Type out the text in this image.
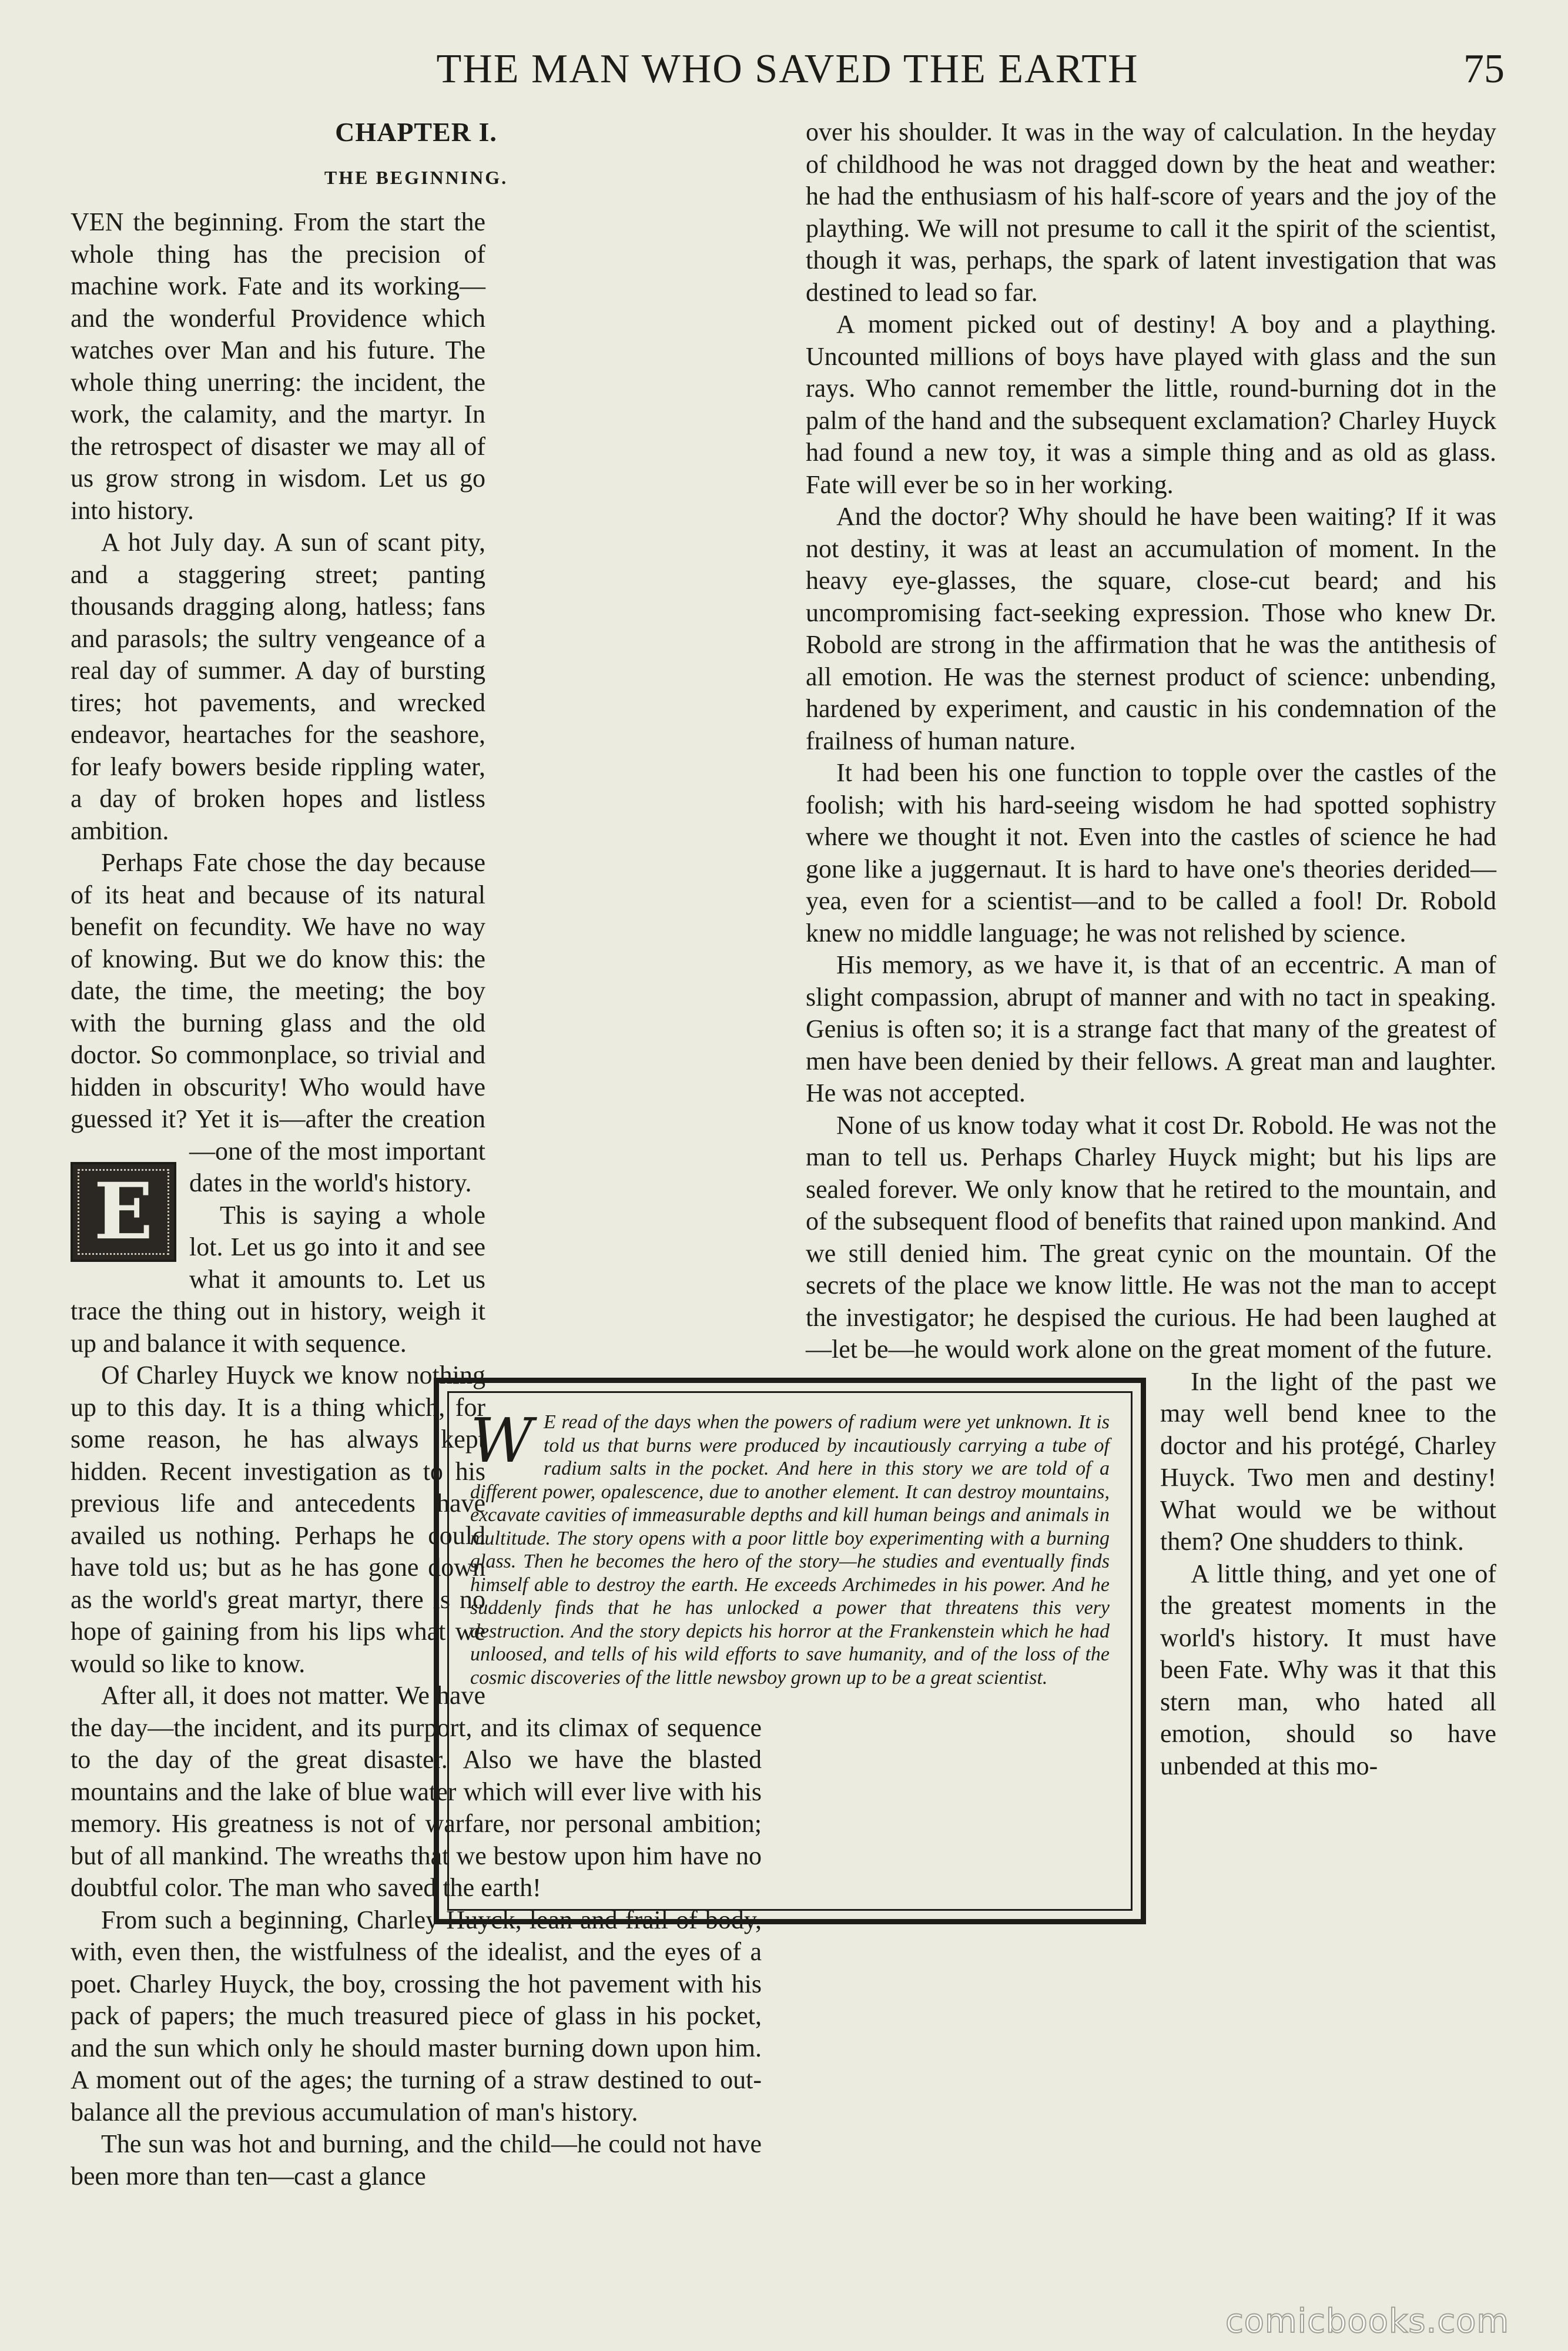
THE MAN WHO SAVED THE EARTH	75
CHAPTER I.
THE BEGINNING.
E

VEN the beginning. From the start the whole thing has the precision of machine work. Fate and its working—and the wonderful Providence which watches over Man and his future. The whole thing unerring: the incident, the work, the calamity, and the martyr. In the retrospect of disaster we may all of us grow strong in wisdom. Let us go into history.

A hot July day. A sun of scant pity, and a staggering street; panting thousands dragging along, hatless; fans and parasols; the sultry vengeance of a real day of summer. A day of bursting tires; hot pavements, and wrecked endeavor, heartaches for the seashore, for leafy bowers beside rippling water, a day of broken hopes and listless ambition.

Perhaps Fate chose the day because of its heat and because of its natural benefit on fecundity. We have no way of knowing. But we do know this: the date, the time, the meeting; the boy with the burning glass and the old doctor. So commonplace, so trivial and hidden in obscurity! Who would have guessed it? Yet it is—after the creation—one of the most important dates in the world's history.

This is saying a whole lot. Let us go into it and see what it amounts to. Let us trace the thing out in history, weigh it up and balance it with sequence.

Of Charley Huyck we know nothing up to this day. It is a thing which, for some reason, he has always kept hidden. Recent investigation as to his previous life and antecedents have availed us nothing. Perhaps he could have told us; but as he has gone down as the world's great martyr, there is no hope of gaining from his lips what we would so like to know.

After all, it does not matter. We have the day—the incident, and its purport, and its climax of sequence to the day of the great disaster. Also we have the blasted mountains and the lake of blue water which will ever live with his memory. His greatness is not of warfare, nor personal ambition; but of all mankind. The wreaths that we bestow upon him have no doubtful color. The man who saved the earth!

From such a beginning, Charley Huyck, lean and frail of body, with, even then, the wistfulness of the idealist, and the eyes of a poet. Charley Huyck, the boy, crossing the hot pavement with his pack of papers; the much treasured piece of glass in his pocket, and the sun which only he should master burning down upon him. A moment out of the ages; the turning of a straw destined to out-balance all the previous accumulation of man's history.

The sun was hot and burning, and the child—he could not have been more than ten—cast a glance

over his shoulder. It was in the way of calculation. In the heyday of childhood he was not dragged down by the heat and weather: he had the enthusiasm of his half-score of years and the joy of the plaything. We will not presume to call it the spirit of the scientist, though it was, perhaps, the spark of latent investigation that was destined to lead so far.

A moment picked out of destiny! A boy and a plaything. Uncounted millions of boys have played with glass and the sun rays. Who cannot remember the little, round-burning dot in the palm of the hand and the subsequent exclamation? Charley Huyck had found a new toy, it was a simple thing and as old as glass. Fate will ever be so in her working.

And the doctor? Why should he have been waiting? If it was not destiny, it was at least an accumulation of moment. In the heavy eye-glasses, the square, close-cut beard; and his uncompromising fact-seeking expression. Those who knew Dr. Robold are strong in the affirmation that he was the antithesis of all emotion. He was the sternest product of science: unbending, hardened by experiment, and caustic in his condemnation of the frailness of human nature.

It had been his one function to topple over the castles of the foolish; with his hard-seeing wisdom he had spotted sophistry where we thought it not. Even into the castles of science he had gone like a juggernaut. It is hard to have one's theories derided—yea, even for a scientist—and to be called a fool! Dr. Robold knew no middle language; he was not relished by science.

His memory, as we have it, is that of an eccentric. A man of slight compassion, abrupt of manner and with no tact in speaking. Genius is often so; it is a strange fact that many of the greatest of men have been denied by their fellows. A great man and laughter. He was not accepted.

None of us know today what it cost Dr. Robold. He was not the man to tell us. Perhaps Charley Huyck might; but his lips are sealed forever. We only know that he retired to the mountain, and of the subsequent flood of benefits that rained upon mankind. And we still denied him. The great cynic on the mountain. Of the secrets of the place we know little. He was not the man to accept the investigator; he despised the curious. He had been laughed at—let be—he would work alone on the great moment of the future.

In the light of the past we may well bend knee to the doctor and his protégé, Charley Huyck. Two men and destiny! What would we be without them? One shudders to think.

A little thing, and yet one of the greatest moments in the world's history. It must have been Fate. Why was it that this stern man, who hated all emotion, should so have unbended at this mo-

W E read of the days when the powers of radium were yet unknown. It is told us that burns were produced by incautiously carrying a tube of radium salts in the pocket. And here in this story we are told of a different power, opalescence, due to another element. It can destroy mountains, excavate cavities of immeasurable depths and kill human beings and animals in multitude. The story opens with a poor little boy experimenting with a burning glass. Then he becomes the hero of the story—he studies and eventually finds himself able to destroy the earth. He exceeds Archimedes in his power. And he suddenly finds that he has unlocked a power that threatens this very destruction. And the story depicts his horror at the Frankenstein which he had unloosed, and tells of his wild efforts to save humanity, and of the loss of the cosmic discoveries of the little newsboy grown up to be a great scientist.
comicbooks.com
